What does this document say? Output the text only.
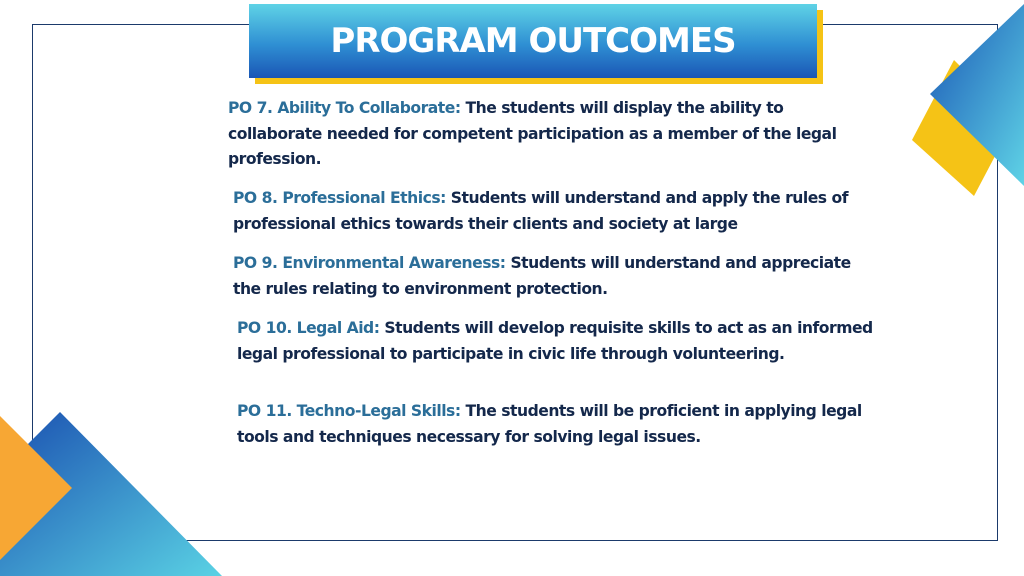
PROGRAM OUTCOMES

PO 7. Ability To Collaborate: The students will display the ability to collaborate needed for competent participation as a member of the legal profession.

PO 8. Professional Ethics: Students will understand and apply the rules of professional ethics towards their clients and society at large

PO 9. Environmental Awareness: Students will understand and appreciate the rules relating to environment protection.

PO 10. Legal Aid: Students will develop requisite skills to act as an informed legal professional to participate in civic life through volunteering.

PO 11. Techno-Legal Skills: The students will be proficient in applying legal tools and techniques necessary for solving legal issues.
